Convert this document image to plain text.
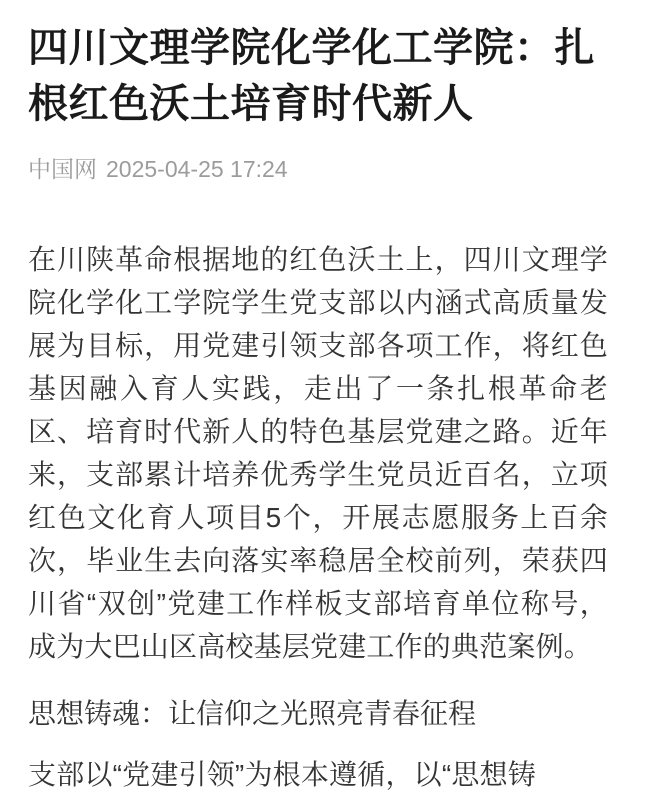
四川文理学院化学化工学院：扎根红色沃土培育时代新人
中国网 2025-04-25 17:24

在川陕革命根据地的红色沃土上，四川文理学院化学化工学院学生党支部以内涵式高质量发展为目标，用党建引领支部各项工作，将红色基因融入育人实践，走出了一条扎根革命老区、培育时代新人的特色基层党建之路。近年来，支部累计培养优秀学生党员近百名，立项红色文化育人项目5个，开展志愿服务上百余次，毕业生去向落实率稳居全校前列，荣获四川省“双创”党建工作样板支部培育单位称号，成为大巴山区高校基层党建工作的典范案例。

思想铸魂：让信仰之光照亮青春征程

支部以“党建引领”为根本遵循，以“思想铸
